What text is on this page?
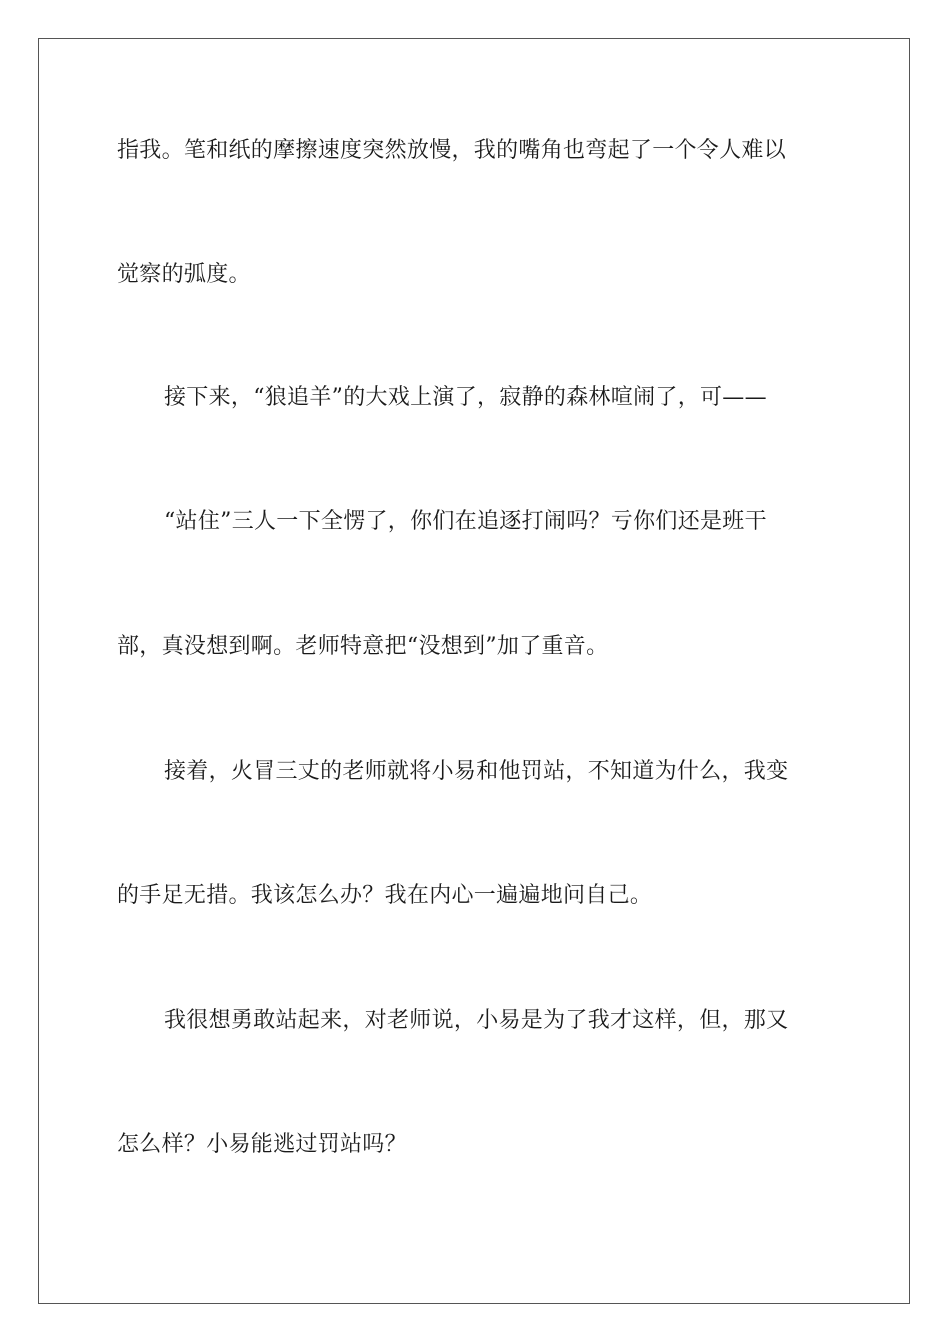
指我。笔和纸的摩擦速度突然放慢，我的嘴角也弯起了一个令人难以
觉察的弧度。
接下来，“狼追羊”的大戏上演了，寂静的森林喧闹了，可——
“站住”三人一下全愣了，你们在追逐打闹吗？亏你们还是班干
部，真没想到啊。老师特意把“没想到”加了重音。
接着，火冒三丈的老师就将小易和他罚站，不知道为什么，我变
的手足无措。我该怎么办？我在内心一遍遍地问自己。
我很想勇敢站起来，对老师说，小易是为了我才这样，但，那又
怎么样？小易能逃过罚站吗？
